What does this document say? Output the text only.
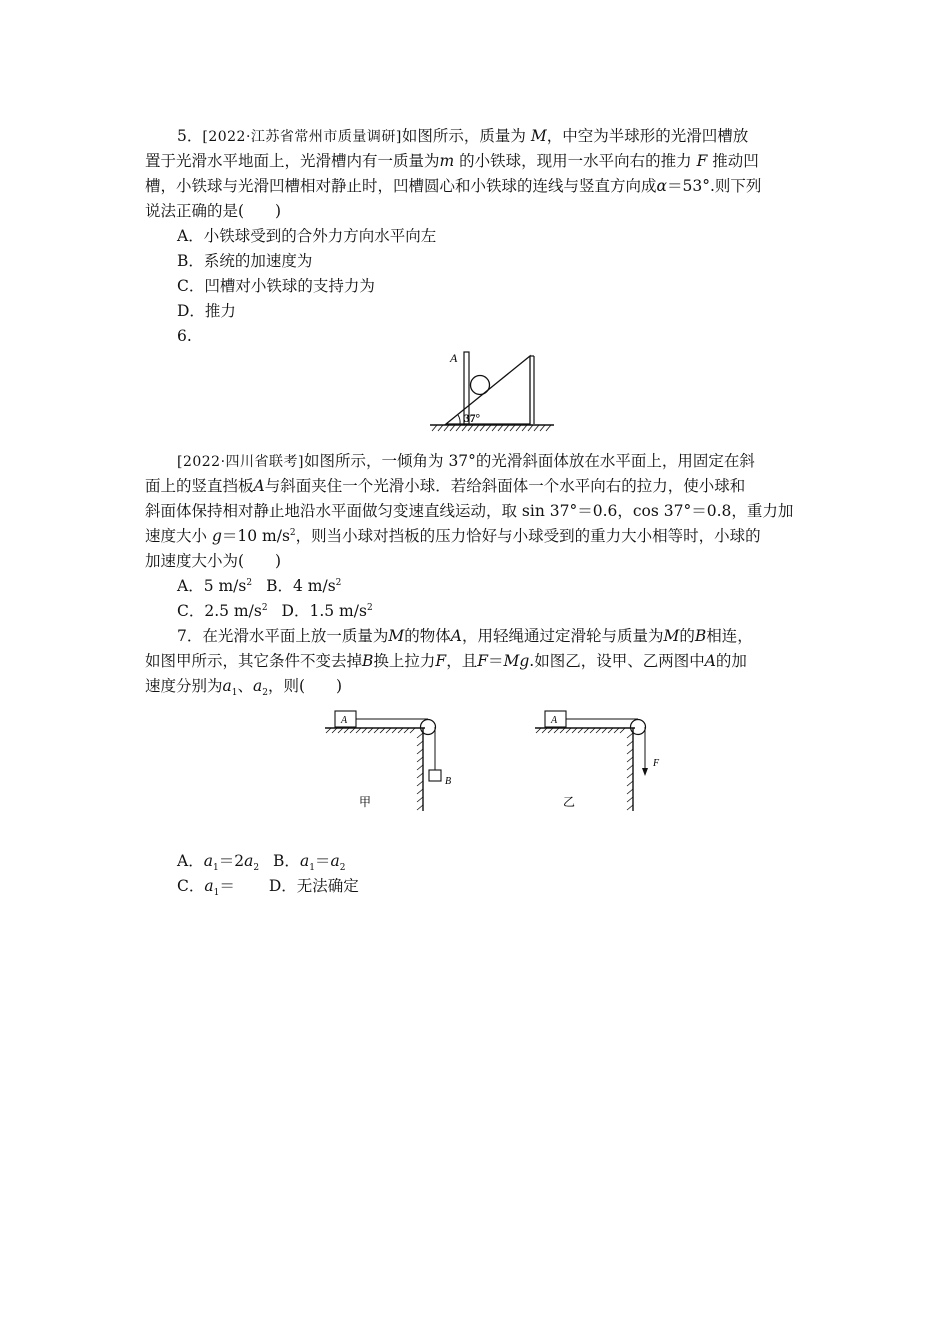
5．[2022·江苏省常州市质量调研]如图所示，质量为 M，中空为半球形的光滑凹槽放
置于光滑水平地面上，光滑槽内有一质量为m 的小铁球，现用一水平向右的推力 F 推动凹
槽，小铁球与光滑凹槽相对静止时，凹槽圆心和小铁球的连线与竖直方向成α＝53°.则下列
说法正确的是(　　)
A．小铁球受到的合外力方向水平向左
B．系统的加速度为
C．凹槽对小铁球的支持力为
D．推力
6.
A
37°
[2022·四川省联考]如图所示，一倾角为 37°的光滑斜面体放在水平面上，用固定在斜
面上的竖直挡板A与斜面夹住一个光滑小球．若给斜面体一个水平向右的拉力，使小球和
斜面体保持相对静止地沿水平面做匀变速直线运动，取 sin 37°＝0.6，cos 37°＝0.8，重力加
速度大小 g＝10 $m/s^2$，则当小球对挡板的压力恰好与小球受到的重力大小相等时，小球的
加速度大小为(　　)
A．5 $m/s^2$ B．4 $m/s^2$
C．2.5 $m/s^2$ D．1.5 $m/s^2$
7．在光滑水平面上放一质量为M的物体A，用轻绳通过定滑轮与质量为M的B相连，
如图甲所示，其它条件不变去掉B换上拉力F，且F＝Mg.如图乙，设甲、乙两图中A的加
速度分别为$a_1$、$a_2$，则(　　)
A
B
甲
A
F
乙
A．$a_1=2a_2$ B．$a_1=a_2$
C．$a_1= D$．无法确定
